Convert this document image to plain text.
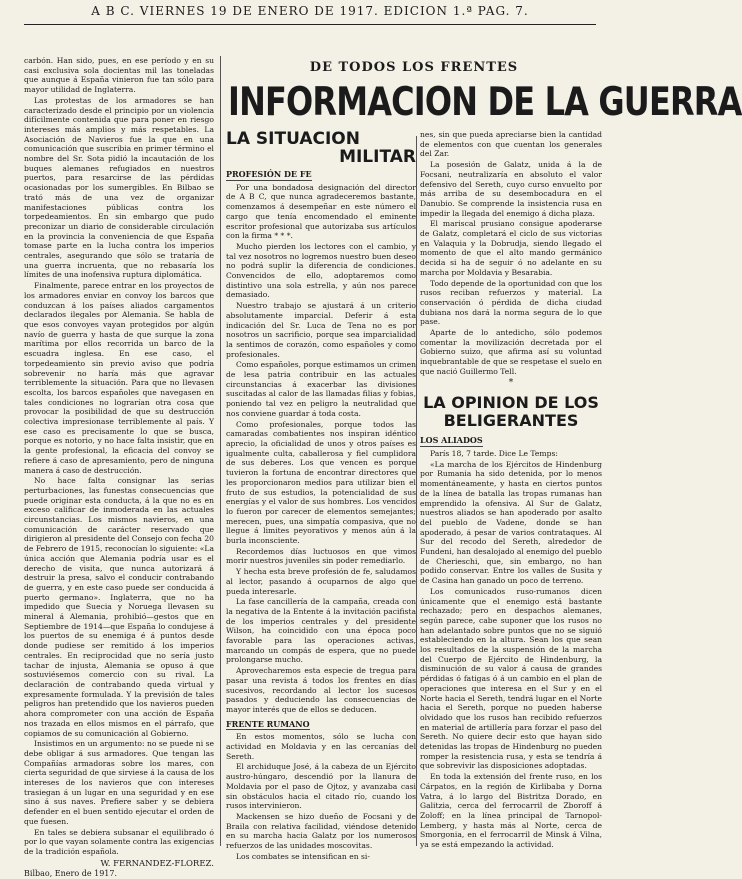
A B C. VIERNES 19 DE ENERO DE 1917. EDICION 1.ª PAG. 7.
DE TODOS LOS FRENTES
INFORMACION DE LA GUERRA

carbón. Han sido, pues, en ese período y en su casi exclusiva sola docientas mil las toneladas que aunque á España vinieron fue tan sólo para mayor utilidad de Inglaterra.

Las protestas de los armadores se han caracterizado desde el principio por un violencia difícilmente contenida que para poner en riesgo intereses más amplios y más respetables. La Asociación de Navieros fue la que en una comunicación que suscribia en primer término el nombre del Sr. Sota pidió la incautación de los buques alemanes refugiados en nuestros puertos, para resarcirse de las pérdidas ocasionadas por los sumergibles. En Bilbao se trató más de una vez de organizar manifestaciones públicas contra los torpedeamientos. En sin embargo que pudo preconizar un diario de considerable circulación en la provincia la conveniencia de que España tomase parte en la lucha contra los imperios centrales, asegurando que sólo se trataría de una guerra incruenta, que no rebasaría los límites de una inofensiva ruptura diplomática.

Finalmente, parece entrar en los proyectos de los armadores enviar en convoy los barcos que conduzcan á los países aliados cargamentos declarados ilegales por Alemania. Se habla de que esos convoyes vayan protegidos por algún navío de guerra y hasta de que surque la zona marítima por ellos recorrida un barco de la escuadra inglesa. En ese caso, el torpedeamiento sin previo aviso que podría sobrevenir no haría más que agravar terriblemente la situación. Para que no llevasen escolta, los barcos españoles que navegasen en tales condiciones no lograrían otra cosa que provocar la posibilidad de que su destrucción colectiva impresionase terriblemente al país. Y ese caso es precisamente lo que se busca, porque es notorio, y no hace falta insistir, que en la gente profesional, la eficacia del convoy se refiere á caso de apresamiento, pero de ninguna manera á caso de destrucción.

No hace falta consignar las serias perturbaciones, las funestas consecuencias que puede originar esta conducta, á la que no es en exceso calificar de inmoderada en las actuales circunstancias. Los mismos navieros, en una comunicación de carácter reservado que dirigieron al presidente del Consejo con fecha 20 de Febrero de 1915, reconocían lo siguiente: «La única acción que Alemania podría usar es el derecho de visita, que nunca autorizará á destruir la presa, salvo el conducir contrabando de guerra, y en este caso puede ser conducida á puerto germano». Inglaterra, que no ha impedido que Suecia y Noruega llevasen su mineral á Alemania, prohibió—gestos que en Septiembre de 1914—que España lo condujese á los puertos de su enemiga é á puntos desde donde pudiese ser remitido á los imperios centrales. En reciprocidad que no sería justo tachar de injusta, Alemania se opuso á que sostuviésemos comercio con su rival. La declaración de contrabando queda virtual y expresamente formulada. Y la previsión de tales peligros han pretendido que los navieros pueden ahora comprometer con una acción de España nos trazada en ellos mismos en el párrafo, que copiamos de su comunicación al Gobierno.

Insistimos en un argumento: no se puede ni se debe obligar á sus armadores. Que tengan las Compañías armadoras sobre los mares, con cierta seguridad de que sirviese á la causa de los intereses de los navieros que con intereses trasiegan á un lugar en una seguridad y en ese sino á sus naves. Prefiere saber y se debiera defender en el buen sentido ejecutar el orden de que fuesen.

En tales se debiera subsanar el equilibrado ó por lo que vayan solamente contra las exigencias de la tradición española.

W. FERNANDEZ-FLOREZ.
Bilbao, Enero de 1917.
LA SITUACION
MILITAR
PROFESIÓN DE FE

Por una bondadosa designación del director de A B C, que nunca agradeceremos bastante, comenzamos á desempeñar en este número el cargo que tenía encomendado el eminente escritor profesional que autorizaba sus artículos con la firma * * *.

Mucho pierden los lectores con el cambio, y tal vez nosotros no logremos nuestro buen deseo no podrá suplir la diferencia de condiciones. Convencidos de ello, adoptaremos como distintivo una sola estrella, y aún nos parece demasiado.

Nuestro trabajo se ajustará á un criterio absolutamente imparcial. Deferir á esta indicación del Sr. Luca de Tena no es por nosotros un sacrificio, porque sea imparcialidad la sentimos de corazón, como españoles y como profesionales.

Como españoles, porque estimamos un crimen de lesa patria contribuir en las actuales circunstancias á exacerbar las divisiones suscitadas al calor de las llamadas filias y fobias, poniendo tal vez en peligro la neutralidad que nos conviene guardar á toda costa.

Como profesionales, porque todos las camaradas combatientes nos inspiran idéntico aprecio, la oficialidad de unos y otros países es igualmente culta, caballerosa y fiel cumplidora de sus deberes. Los que vencen es porque tuvieron la fortuna de encontrar directores que les proporcionaron medios para utilizar bien el fruto de sus estudios, la potencialidad de sus energías y el valor de sus hombres. Los vencidos lo fueron por carecer de elementos semejantes; merecen, pues, una simpatía compasiva, que no llegue á limites peyorativos y menos aún á la burla inconsciente.

Recordemos días luctuosos en que vimos morir nuestros juveniles sin poder remediarlo.

Y hecha esta breve profesión de fe, saludamos al lector, pasando á ocuparnos de algo que pueda interesarle.

La fase cancillería de la campaña, creada con la negativa de la Entente á la invitación pacifista de los imperios centrales y del presidente Wilson, ha coincidido con una época poco favorable para las operaciones activas, marcando un compás de espera, que no puede prolongarse mucho.

Aprovecharemos esta especie de tregua para pasar una revista á todos los frentes en días sucesivos, recordando al lector los sucesos pasados y deduciendo las consecuencias de mayor interés que de ellos se deducen.

FRENTE RUMANO

En estos momentos, sólo se lucha con actividad en Moldavia y en las cercanías del Sereth.

El archiduque José, á la cabeza de un Ejército austro-húngaro, descendió por la llanura de Moldavia por el paso de Ojtoz, y avanzaba casi sin obstáculos hacia el citado río, cuando los rusos intervinieron.

Mackensen se hizo dueño de Focsani y de Braila con relativa facilidad, viéndose detenido en su marcha hacia Galatz por los numerosos refuerzos de las unidades moscovitas.

Los combates se intensifican en si-

nes, sin que pueda apreciarse bien la cantidad de elementos con que cuentan los generales del Zar.

La posesión de Galatz, unida á la de Focsani, neutralizaría en absoluto el valor defensivo del Sereth, cuyo curso envuelto por más arriba de su desembocadura en el Danubio. Se comprende la insistencia rusa en impedir la llegada del enemigo á dicha plaza.

El mariscal prusiano consigue apoderarse de Galatz, completará el ciclo de sus victorias en Valaquia y la Dobrudja, siendo llegado el momento de que el alto mando germánico decida si ha de seguir ó no adelante en su marcha por Moldavia y Besarabia.

Todo depende de la oportunidad con que los rusos reciban refuerzos y material. La conservación ó pérdida de dicha ciudad dubiana nos dará la norma segura de lo que pase.

Aparte de lo antedicho, sólo podemos comentar la movilización decretada por el Gobierno suizo, que afirma así su voluntad inquebrantable de que se respetase el suelo en que nació Guillermo Tell.

*
LA OPINION DE LOS BELIGERANTES
LOS ALIADOS

París 18, 7 tarde. Dice Le Temps:

«La marcha de los Ejércitos de Hindenburg por Rumania ha sido detenida, por lo menos momentáneamente, y hasta en ciertos puntos de la línea de batalla las tropas rumanas han emprendido la ofensiva. Al Sur de Galatz, nuestros aliados se han apoderado por asalto del pueblo de Vadene, donde se han apoderado, á pesar de varios contrataques. Al Sur del recodo del Sereth, alrededor de Fundeni, han desalojado al enemigo del pueblo de Cherieschi, que, sin embargo, no han podido conservar. Entre los valles de Susita y de Casina han ganado un poco de terreno.

Los comunicados ruso-rumanos dicen únicamente que el enemigo está bastante rechazado; pero en despachos alemanes, según parece, cabe suponer que los rusos no han adelantado sobre puntos que no se siguió estableciendo en la altura. Sean los que sean los resultados de la suspensión de la marcha del Cuerpo de Ejército de Hindenburg, la disminución de su valor á causa de grandes pérdidas ó fatigas ó á un cambio en el plan de operaciones que interesa en el Sur y en el Norte hacia el Sereth, tendrá lugar en el Norte hacia el Sereth, porque no pueden haberse olvidado que los rusos han recibido refuerzos en material de artillería para forzar el paso del Sereth. No quiere decir esto que hayan sido detenidas las tropas de Hindenburg no pueden romper la resistencia rusa, y esta se tendría á que sobrevivir las disposiciones adoptadas.

En toda la extensión del frente ruso, en los Cárpatos, en la región de Kirlibaba y Dorna Vatra, á lo largo del Bistritza Dorado, en Galitzia, cerca del ferrocarril de Zboroff á Zoloff; en la línea principal de Tarnopol-Lemberg, y hasta más al Norte, cerca de Smorgonia, en el ferrocarril de Minsk á Vilna, ya se está empezando la actividad.
